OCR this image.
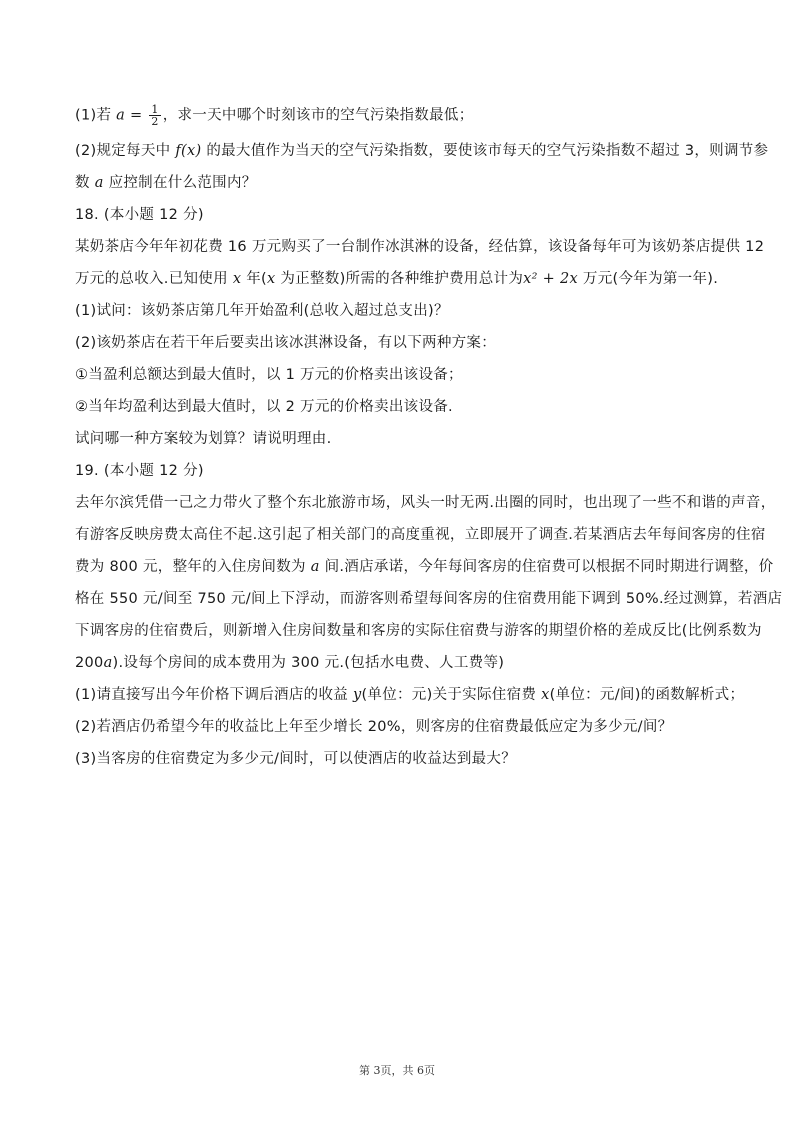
(1)若 $a = \frac{1}{2}$ ，求一天中哪个时刻该市的空气污染指数最低；

(2)规定每天中 f(x) 的最大值作为当天的空气污染指数，要使该市每天的空气污染指数不超过 3，则调节参

数 a 应控制在什么范围内？

18. (本小题 12 分)

某奶茶店今年年初花费 16 万元购买了一台制作冰淇淋的设备，经估算，该设备每年可为该奶茶店提供 12

万元的总收入.已知使用 x 年(x 为正整数)所需的各种维护费用总计为x² + 2x 万元(今年为第一年).

(1)试问：该奶茶店第几年开始盈利(总收入超过总支出)？

(2)该奶茶店在若干年后要卖出该冰淇淋设备，有以下两种方案：

①当盈利总额达到最大值时，以 1 万元的价格卖出该设备；

②当年均盈利达到最大值时，以 2 万元的价格卖出该设备.

试问哪一种方案较为划算？请说明理由.

19. (本小题 12 分)

去年尔滨凭借一己之力带火了整个东北旅游市场，风头一时无两.出圈的同时，也出现了一些不和谐的声音，

有游客反映房费太高住不起.这引起了相关部门的高度重视，立即展开了调查.若某酒店去年每间客房的住宿

费为 800 元，整年的入住房间数为 a 间.酒店承诺，今年每间客房的住宿费可以根据不同时期进行调整，价

格在 550 元/间至 750 元/间上下浮动，而游客则希望每间客房的住宿费用能下调到 50%.经过测算，若酒店

下调客房的住宿费后，则新增入住房间数量和客房的实际住宿费与游客的期望价格的差成反比(比例系数为

200a).设每个房间的成本费用为 300 元.(包括水电费、人工费等)

(1)请直接写出今年价格下调后酒店的收益 y(单位：元)关于实际住宿费 x(单位：元/间)的函数解析式；

(2)若酒店仍希望今年的收益比上年至少增长 20%，则客房的住宿费最低应定为多少元/间？

(3)当客房的住宿费定为多少元/间时，可以使酒店的收益达到最大？

第 3页，共 6页
